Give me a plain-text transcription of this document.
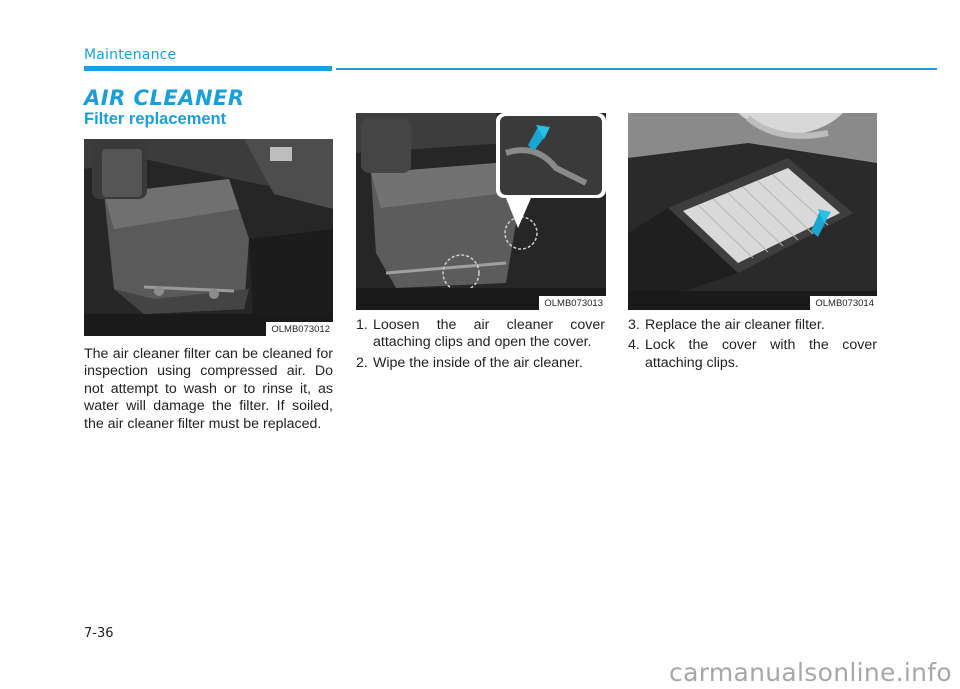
Maintenance
AIR CLEANER
Filter replacement
OLMB073012
OLMB073013	OLMB073014
The air cleaner filter can be cleaned for inspection using compressed air. Do not attempt to wash or to rinse it, as water will damage the filter. If soiled, the air cleaner filter must be replaced.
1. Loosen the air cleaner cover attaching clips and open the cover.
2. Wipe the inside of the air cleaner.
3. Replace the air cleaner filter.
4. Lock the cover with the cover attaching clips.
7-36
carmanualsonline.info
